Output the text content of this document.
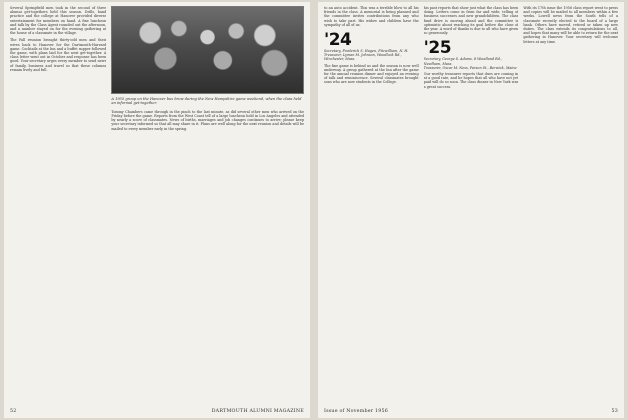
Several Springfield men took in the second of three alumni get-togethers held this season. Drills, band practice and the college at Hanover provided diverse entertainment for members on hand. A fine luncheon and talk by the Class Agent rounded out the afternoon, and a number stayed on for the evening gathering at the house of a classmate in the village.
The Fall reunion brought thirty-odd men and their wives back to Hanover for the Dartmouth-Harvard game. Cocktails at the Inn and a buffet supper followed the game, with plans laid for the next get-together. A class letter went out in October and response has been good. Your secretary urges every member to send news of family, business and travel so that these columns remain lively and full.
A 1955 group on the Hanover bus brow during the New Hampshire game weekend, when the class held an informal get-together.
Tommy Chambers came through in the pinch to the last minute, as did several other men who arrived on the Friday before the game. Reports from the West Coast tell of a large luncheon held in Los Angeles and attended by nearly a score of classmates. News of births, marriages and job changes continues to arrive; please keep your secretary informed so that all may share in it. Plans are well along for the next reunion and details will be mailed to every member early in the spring.
52	DARTMOUTH ALUMNI MAGAZINE
to an auto accident. This was a terrible blow to all his friends in the class. A memorial is being planned and the committee invites contributions from any who wish to take part. His widow and children have the sympathy of all of us.
'24
Secretary, Frederick S. Hagen, Fitzwilliam, N. H.
Treasurer, Lyman M. Johnson, Woodlock Rd., Winchester, Mass.
The fine game is behind us and the season is now well underway. A group gathered at the Inn after the game for the annual reunion dinner and enjoyed an evening of talk and reminiscence. Several classmates brought sons who are now students in the College.
his past reports that show just what the class has been doing. Letters come in from far and wide, telling of business successes and new grandchildren. The class fund drive is moving ahead and the committee is optimistic about reaching its goal before the close of the year. A word of thanks is due to all who have given so generously.
'25
Secretary, George S. Adams, 8 Woodland Rd., Needham, Mass.
Treasurer, Oscar M. Ness, Parson St., Berwick, Maine
Our worthy treasurer reports that dues are coming in at a good rate, and he hopes that all who have not yet paid will do so soon. The class dinner in New York was a great success.
With its 17th issue the 1956 class report went to press and copies will be mailed to all members within a few weeks. Lowell news from the South tells of a classmate recently elected to the board of a large bank. Others have moved, retired or taken up new duties. The class extends its congratulations to all, and hopes that many will be able to return for the next gathering in Hanover. Your secretary will welcome letters at any time.
Issue of November 1956	53
